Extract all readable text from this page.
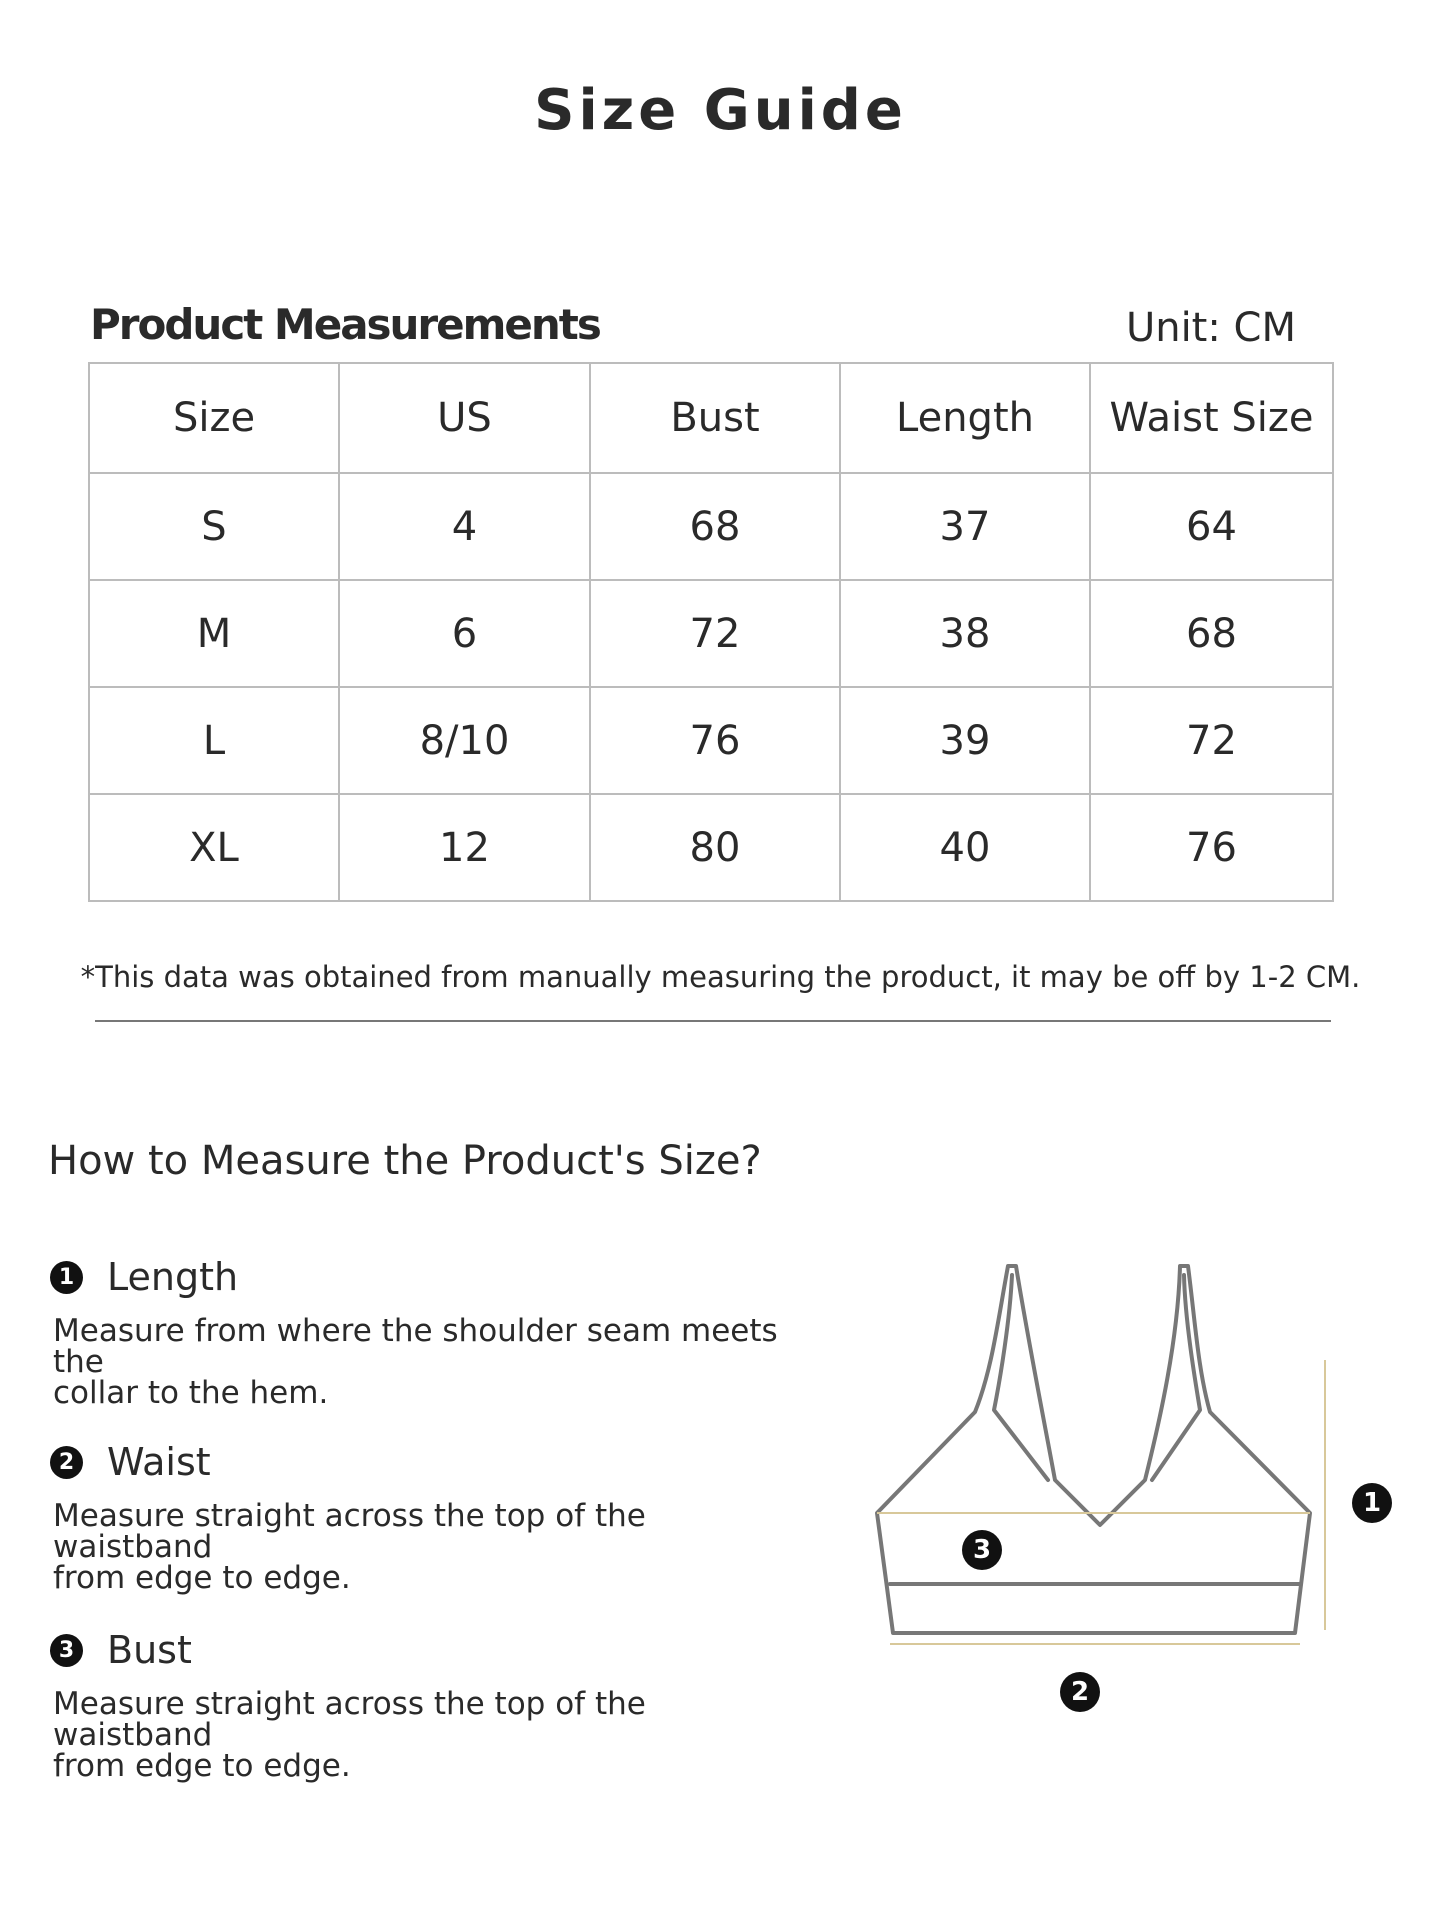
Size Guide
Product Measurements	Unit: CM
Size	US	Bust	Length	Waist Size
S	4	68	37	64
M	6	72	38	68
L	8/10	76	39	72
XL	12	80	40	76
*This data was obtained from manually measuring the product, it may be off by 1-2 CM.
How to Measure the Product's Size?
1 Length
Measure from where the shoulder seam meets the
collar to the hem.
2 Waist
Measure straight across the top of the waistband
from edge to edge.
3 Bust
Measure straight across the top of the waistband
from edge to edge.
1
2
3
